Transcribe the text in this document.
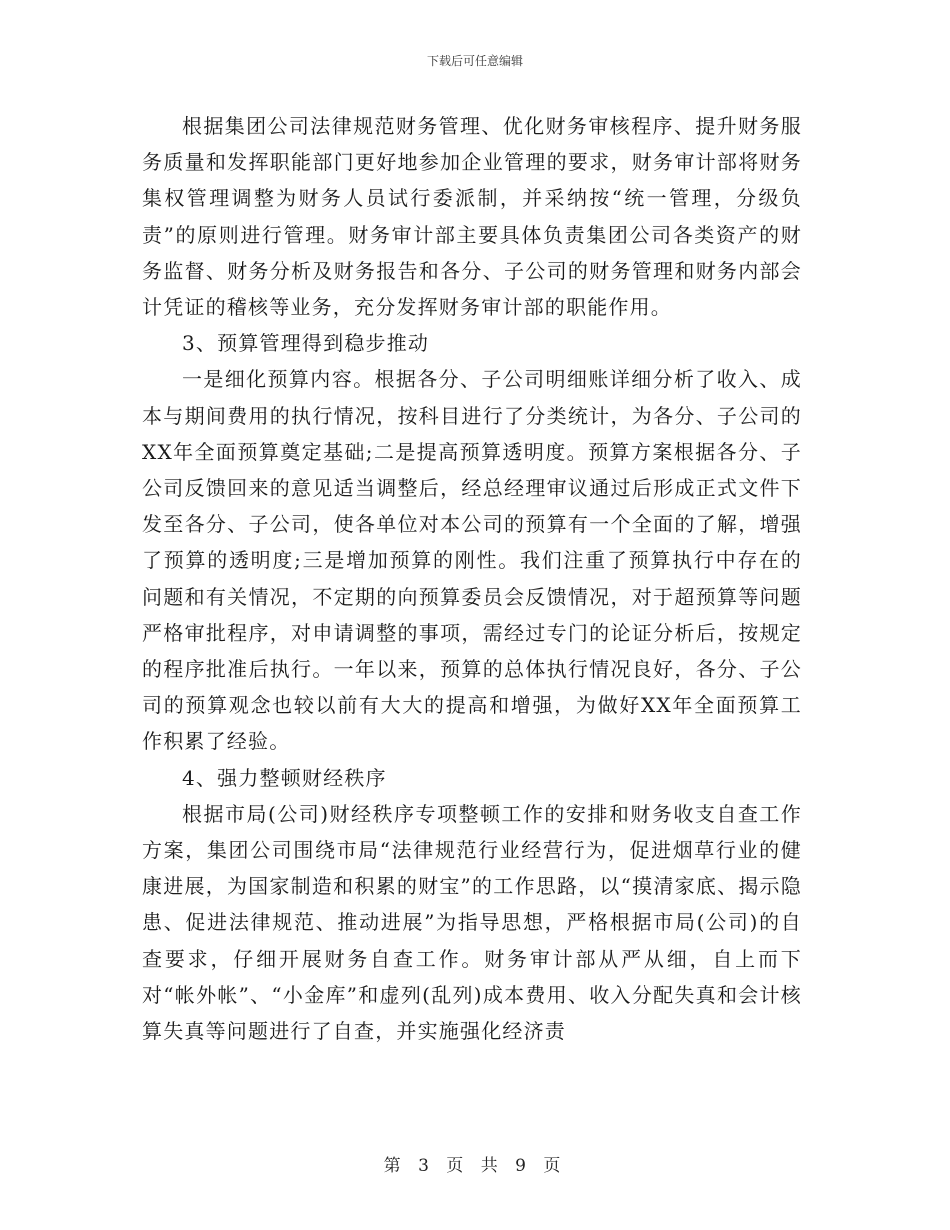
下载后可任意编辑

根据集团公司法律规范财务管理、优化财务审核程序、提升财务服务质量和发挥职能部门更好地参加企业管理的要求，财务审计部将财务集权管理调整为财务人员试行委派制，并采纳按“统一管理，分级负责”的原则进行管理。财务审计部主要具体负责集团公司各类资产的财务监督、财务分析及财务报告和各分、子公司的财务管理和财务内部会计凭证的稽核等业务，充分发挥财务审计部的职能作用。

3、预算管理得到稳步推动

一是细化预算内容。根据各分、子公司明细账详细分析了收入、成本与期间费用的执行情况，按科目进行了分类统计，为各分、子公司的XX年全面预算奠定基础;二是提高预算透明度。预算方案根据各分、子公司反馈回来的意见适当调整后，经总经理审议通过后形成正式文件下发至各分、子公司，使各单位对本公司的预算有一个全面的了解，增强了预算的透明度;三是增加预算的刚性。我们注重了预算执行中存在的问题和有关情况，不定期的向预算委员会反馈情况，对于超预算等问题严格审批程序，对申请调整的事项，需经过专门的论证分析后，按规定的程序批准后执行。一年以来，预算的总体执行情况良好，各分、子公司的预算观念也较以前有大大的提高和增强，为做好XX年全面预算工作积累了经验。

4、强力整顿财经秩序

根据市局(公司)财经秩序专项整顿工作的安排和财务收支自查工作方案，集团公司围绕市局“法律规范行业经营行为，促进烟草行业的健康进展，为国家制造和积累的财宝”的工作思路，以“摸清家底、揭示隐患、促进法律规范、推动进展”为指导思想，严格根据市局(公司)的自查要求，仔细开展财务自查工作。财务审计部从严从细，自上而下对“帐外帐”、“小金库”和虚列(乱列)成本费用、收入分配失真和会计核算失真等问题进行了自查，并实施强化经济责

第 3 页 共 9 页
